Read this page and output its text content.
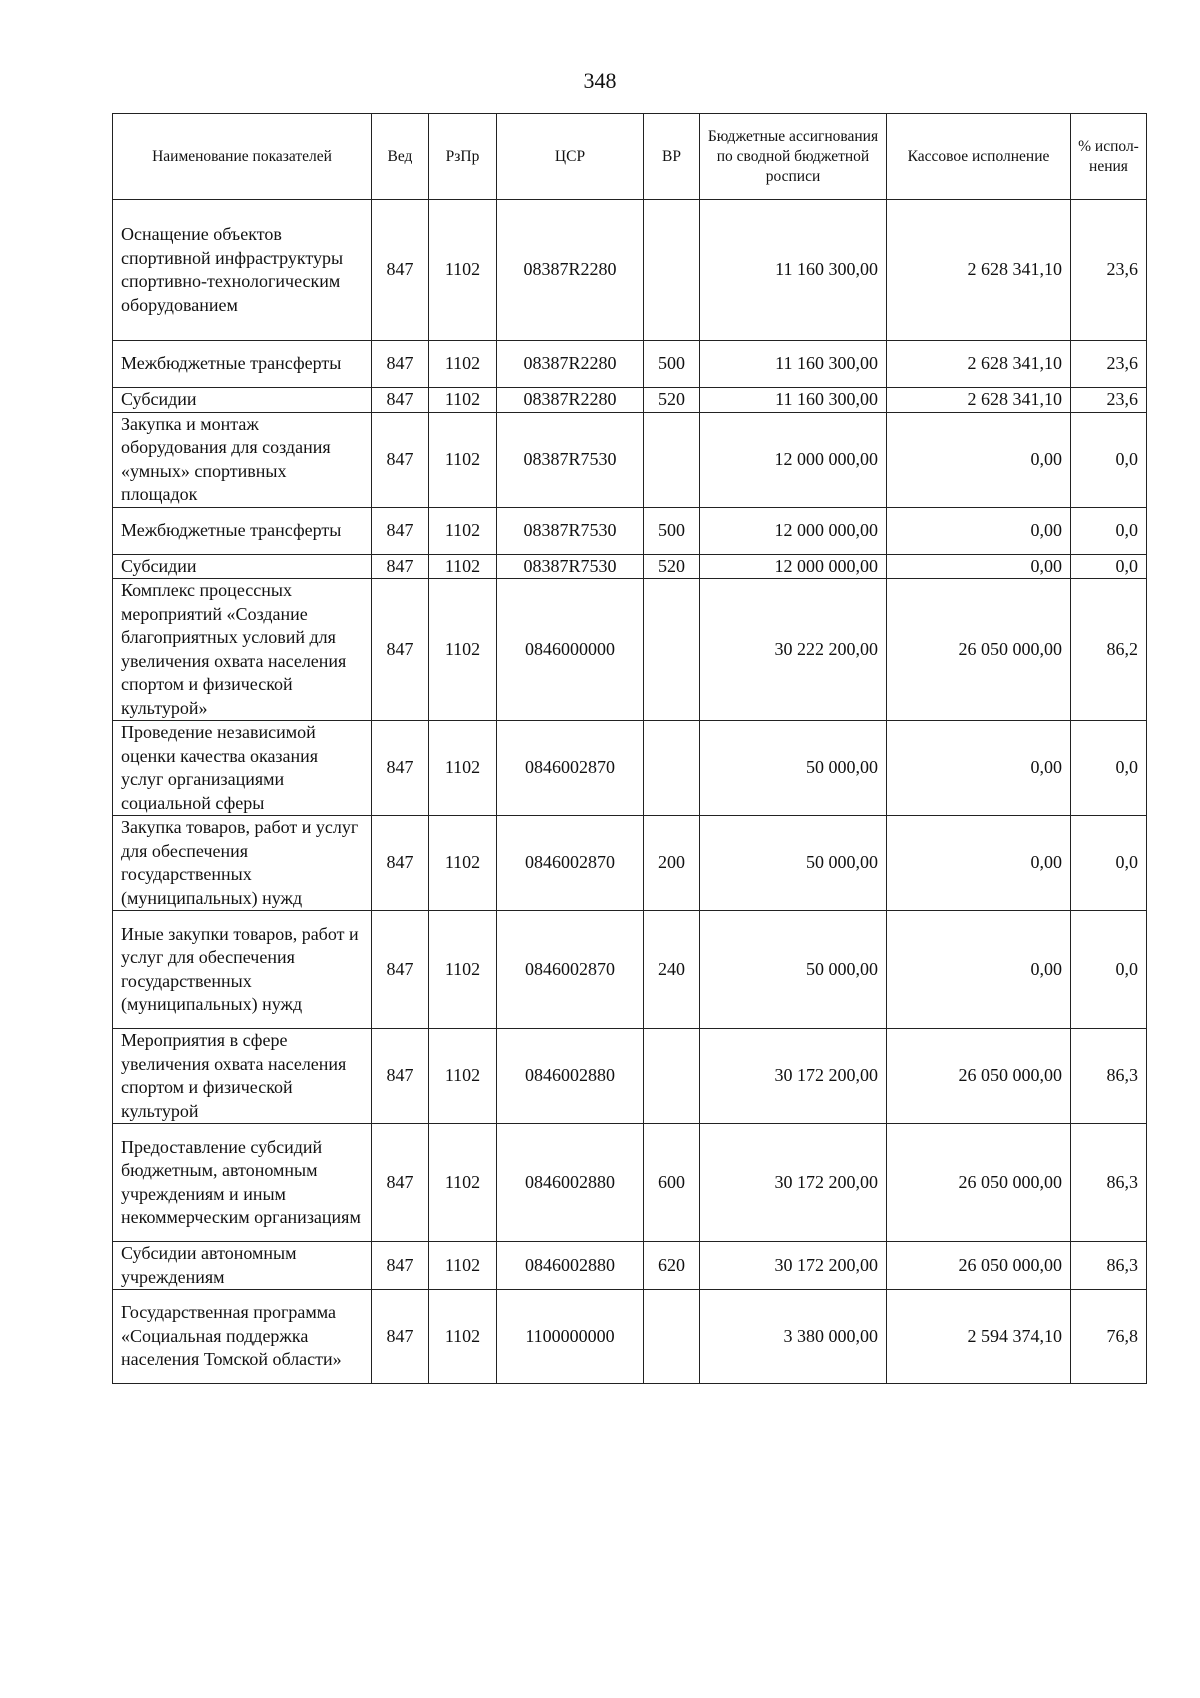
348
Наименование показателей	Вед	РзПр	ЦСР	ВР	Бюджетные ассигнования по сводной бюджетной росписи	Кассовое исполнение	% испол- нения
Оснащение объектов спортивной инфраструктуры спортивно-технологическим оборудованием	847	1102	08387R2280		11 160 300,00	2 628 341,10	23,6
Межбюджетные трансферты	847	1102	08387R2280	500	11 160 300,00	2 628 341,10	23,6
Субсидии	847	1102	08387R2280	520	11 160 300,00	2 628 341,10	23,6
Закупка и монтаж оборудования для создания «умных» спортивных площадок	847	1102	08387R7530		12 000 000,00	0,00	0,0
Межбюджетные трансферты	847	1102	08387R7530	500	12 000 000,00	0,00	0,0
Субсидии	847	1102	08387R7530	520	12 000 000,00	0,00	0,0
Комплекс процессных мероприятий «Создание благоприятных условий для увеличения охвата населения спортом и физической культурой»	847	1102	0846000000		30 222 200,00	26 050 000,00	86,2
Проведение независимой оценки качества оказания услуг организациями социальной сферы	847	1102	0846002870		50 000,00	0,00	0,0
Закупка товаров, работ и услуг для обеспечения государственных (муниципальных) нужд	847	1102	0846002870	200	50 000,00	0,00	0,0
Иные закупки товаров, работ и услуг для обеспечения государственных (муниципальных) нужд	847	1102	0846002870	240	50 000,00	0,00	0,0
Мероприятия в сфере увеличения охвата населения спортом и физической культурой	847	1102	0846002880		30 172 200,00	26 050 000,00	86,3
Предоставление субсидий бюджетным, автономным учреждениям и иным некоммерческим организациям	847	1102	0846002880	600	30 172 200,00	26 050 000,00	86,3
Субсидии автономным учреждениям	847	1102	0846002880	620	30 172 200,00	26 050 000,00	86,3
Государственная программа «Социальная поддержка населения Томской области»	847	1102	1100000000		3 380 000,00	2 594 374,10	76,8
